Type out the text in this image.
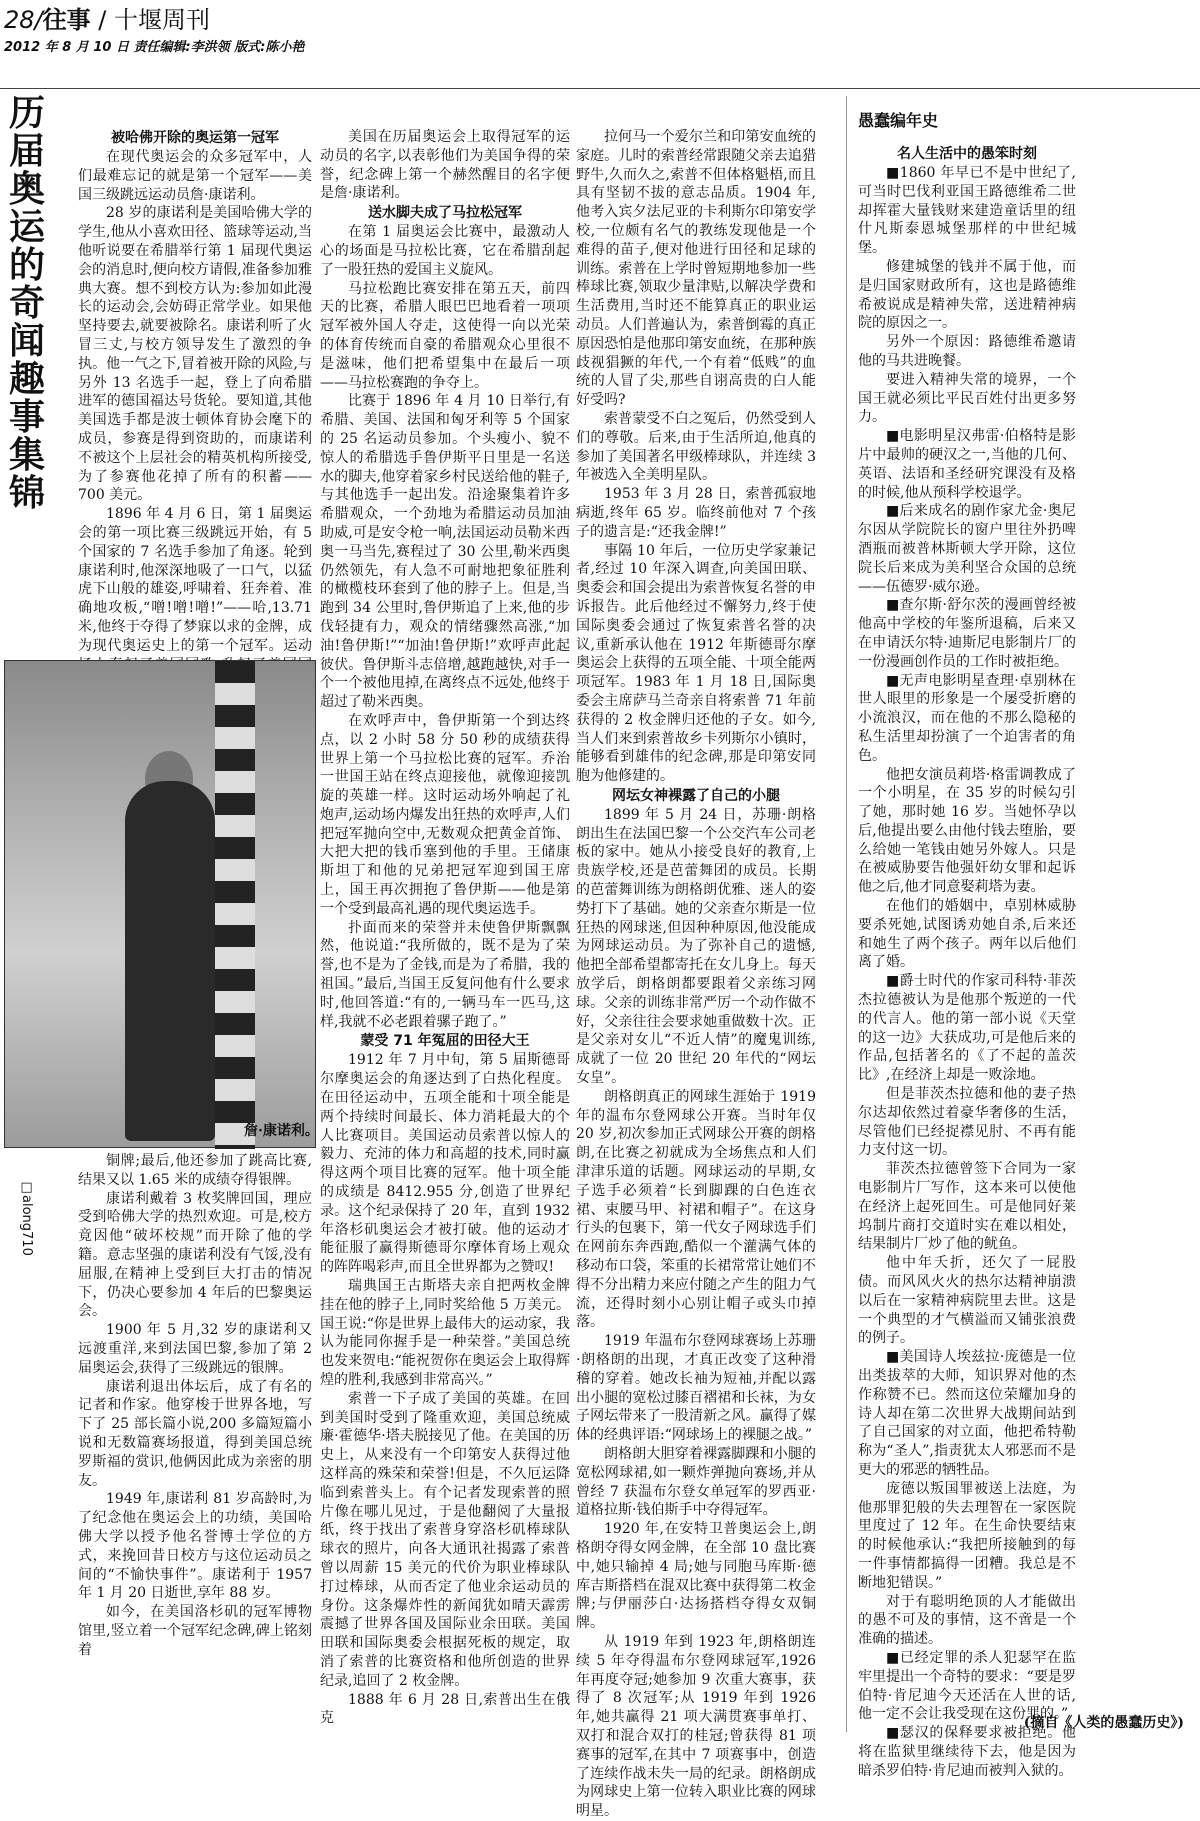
28/往事 / 十堰周刊
2012 年 8 月 10 日 责任编辑:李洪领 版式:陈小艳
历
届
奥
运
的
奇
闻
趣
事
集
锦
被哈佛开除的奥运第一冠军

在现代奥运会的众多冠军中，人们最难忘记的就是第一个冠军——美国三级跳远运动员詹·康诺利。

28 岁的康诺利是美国哈佛大学的学生,他从小喜欢田径、篮球等运动,当他听说要在希腊举行第 1 届现代奥运会的消息时,便向校方请假,准备参加雅典大赛。想不到校方认为:参加如此漫长的运动会,会妨碍正常学业。如果他坚持要去,就要被除名。康诺利听了火冒三丈,与校方领导发生了激烈的争执。他一气之下,冒着被开除的风险,与另外 13 名选手一起，登上了向希腊进军的德国福达号货轮。要知道,其他美国选手都是波士顿体育协会麾下的成员，参赛是得到资助的，而康诺利不被这个上层社会的精英机构所接受,为了参赛他花掉了所有的积蓄——700 美元。

1896 年 4 月 6 日，第 1 届奥运会的第一项比赛三级跳远开始，有 5 个国家的 7 名选手参加了角逐。轮到康诺利时,他深深地吸了一口气，以猛虎下山般的雄姿,呼啸着、狂奔着、准确地攻板,“噌!噌!噌!”——哈,13.71 米,他终于夺得了梦寐以求的金牌，成为现代奥运史上的第一个冠军。运动

詹·康诺利。
□along710

铜牌;最后,他还参加了跳高比赛,结果又以 1.65 米的成绩夺得银牌。

康诺利戴着 3 枚奖牌回国，理应受到哈佛大学的热烈欢迎。可是,校方竟因他“破坏校规”而开除了他的学籍。意志坚强的康诺利没有气馁,没有屈服,在精神上受到巨大打击的情况下，仍决心要参加 4 年后的巴黎奥运会。

1900 年 5 月,32 岁的康诺利又远渡重洋,来到法国巴黎,参加了第 2 届奥运会,获得了三级跳远的银牌。

康诺利退出体坛后，成了有名的记者和作家。他穿梭于世界各地，写下了 25 部长篇小说,200 多篇短篇小说和无数篇赛场报道，得到美国总统罗斯福的赏识,他俩因此成为亲密的朋友。

1949 年,康诺利 81 岁高龄时,为了纪念他在奥运会上的功绩，美国哈佛大学以授予他名誉博士学位的方式，来挽回昔日校方与这位运动员之间的“不愉快事件”。康诺利于 1957 年 1 月 20 日逝世,享年 88 岁。

如今，在美国洛杉矶的冠军博物馆里,竖立着一个冠军纪念碑,碑上铭刻着

美国在历届奥运会上取得冠军的运动员的名字,以表彰他们为美国争得的荣誉，纪念碑上第一个赫然醒目的名字便是詹·康诺利。

送水脚夫成了马拉松冠军

在第 1 届奥运会比赛中，最激动人心的场面是马拉松比赛，它在希腊刮起了一股狂热的爱国主义旋风。

马拉松跑比赛安排在第五天，前四天的比赛，希腊人眼巴巴地看着一项项冠军被外国人夺走，这使得一向以光荣的体育传统而自豪的希腊观众心里很不是滋味，他们把希望集中在最后一项——马拉松赛跑的争夺上。

比赛于 1896 年 4 月 10 日举行,有希腊、美国、法国和匈牙利等 5 个国家的 25 名运动员参加。个头瘦小、貌不惊人的希腊选手鲁伊斯平日里是一名送水的脚夫,他穿着家乡村民送给他的鞋子,与其他选手一起出发。沿途聚集着许多希腊观众，一个劲地为希腊运动员加油助威,可是安令枪一响,法国运动员勒米西奥一马当先,赛程过了 30 公里,勒米西奥仍然领先，有人急不可耐地把象征胜利的橄榄枝环套到了他的脖子上。但是,当跑到 34 公里时,鲁伊斯追了上来,他的步伐轻捷有力，观众的情绪骤然高涨,“加油!鲁伊斯!”“加油!鲁伊斯!”欢呼声此起彼伏。鲁伊斯斗志倍增,越跑越快,对手一个一个被他甩掉,在离终点不远处,他终于超过了勒米西奥。

在欢呼声中，鲁伊斯第一个到达终点，以 2 小时 58 分 50 秒的成绩获得世界上第一个马拉松比赛的冠军。乔治一世国王站在终点迎接他，就像迎接凯旋的英雄一样。这时运动场外响起了礼炮声,运动场内爆发出狂热的欢呼声,人们把冠军抛向空中,无数观众把黄金首饰、大把大把的钱币塞到他的手里。王储康斯坦丁和他的兄弟把冠军迎到国王席上，国王再次拥抱了鲁伊斯——他是第一个受到最高礼遇的现代奥运选手。

扑面而来的荣誉并未使鲁伊斯飘飘然，他说道:“我所做的，既不是为了荣誉,也不是为了金钱,而是为了希腊，我的祖国。”最后,当国王反复问他有什么要求时,他回答道:“有的,一辆马车一匹马,这样,我就不必老跟着骡子跑了。”

蒙受 71 年冤屈的田径大王

1912 年 7 月中旬，第 5 届斯德哥尔摩奥运会的角逐达到了白热化程度。在田径运动中，五项全能和十项全能是两个持续时间最长、体力消耗最大的个人比赛项目。美国运动员索普以惊人的毅力、充沛的体力和高超的技术,同时赢得这两个项目比赛的冠军。他十项全能的成绩是 8412.955 分,创造了世界纪录。这个纪录保持了 20 年，直到 1932 年洛杉矶奥运会才被打破。他的运动才能征服了赢得斯德哥尔摩体育场上观众的阵阵喝彩声,而且全世界都为之赞叹!

瑞典国王古斯塔夫亲自把两枚金牌挂在他的脖子上,同时奖给他 5 万美元。国王说:“你是世界上最伟大的运动家，我认为能同你握手是一种荣誉。”美国总统也发来贺电:“能祝贺你在奥运会上取得辉煌的胜利,我感到非常高兴。”

索普一下子成了美国的英雄。在回到美国时受到了隆重欢迎，美国总统威廉·霍德华·塔夫脱接见了他。在美国的历史上，从来没有一个印第安人获得过他这样高的殊荣和荣誉!但是，不久厄运降临到索普头上。有个记者发现索普的照片像在哪儿见过，于是他翻阅了大量报纸，终于找出了索普身穿洛杉矶棒球队球衣的照片，向各大通讯社揭露了索普曾以周薪 15 美元的代价为职业棒球队打过棒球，从而否定了他业余运动员的身份。这条爆炸性的新闻犹如晴天霹雳震撼了世界各国及国际业余田联。美国田联和国际奥委会根据死板的规定，取消了索普的比赛资格和他所创造的世界纪录,追回了 2 枚金牌。

1888 年 6 月 28 日,索普出生在俄克

拉何马一个爱尔兰和印第安血统的家庭。儿时的索普经常跟随父亲去追猎野牛,久而久之,索普不但体格魁梧,而且具有坚韧不拔的意志品质。1904 年,他考入宾夕法尼亚的卡利斯尔印第安学校,一位颇有名气的教练发现他是一个难得的苗子,便对他进行田径和足球的训练。索普在上学时曾短期地参加一些棒球比赛,领取少量津贴,以解决学费和生活费用,当时还不能算真正的职业运动员。人们普遍认为，索普倒霉的真正原因恐怕是他那印第安血统，在那种族歧视猖獗的年代,一个有着“低贱”的血统的人冒了尖,那些自诩高贵的白人能好受吗?

索普蒙受不白之冤后，仍然受到人们的尊敬。后来,由于生活所迫,他真的参加了美国著名甲级棒球队，并连续 3 年被选入全美明星队。

1953 年 3 月 28 日，索普孤寂地病逝,终年 65 岁。临终前他对 7 个孩子的遗言是:“还我金牌!”

事隔 10 年后，一位历史学家兼记者,经过 10 年深入调查,向美国田联、奥委会和国会提出为索普恢复名誉的申诉报告。此后他经过不懈努力,终于使国际奥委会通过了恢复索普名誉的决议,重新承认他在 1912 年斯德哥尔摩奥运会上获得的五项全能、十项全能两项冠军。1983 年 1 月 18 日,国际奥委会主席萨马兰奇亲自将索普 71 年前获得的 2 枚金牌归还他的子女。如今,当人们来到索普故乡卡列斯尔小镇时，能够看到雄伟的纪念碑,那是印第安同胞为他修建的。

网坛女神裸露了自己的小腿

1899 年 5 月 24 日，苏珊·朗格朗出生在法国巴黎一个公交汽车公司老板的家中。她从小接受良好的教育,上贵族学校,还是芭蕾舞团的成员。长期的芭蕾舞训练为朗格朗优雅、迷人的姿势打下了基础。她的父亲查尔斯是一位狂热的网球迷,但因种种原因,他没能成为网球运动员。为了弥补自己的遗憾,他把全部希望都寄托在女儿身上。每天放学后，朗格朗都要跟着父亲练习网球。父亲的训练非常严厉一个动作做不好，父亲往往会要求她重做数十次。正是父亲对女儿“不近人情”的魔鬼训练,成就了一位 20 世纪 20 年代的“网坛女皇”。

朗格朗真正的网球生涯始于 1919 年的温布尔登网球公开赛。当时年仅 20 岁,初次参加正式网球公开赛的朗格朗,在比赛之初就成为全场焦点和人们津津乐道的话题。网球运动的早期,女子选手必须着“长到脚踝的白色连衣裙、束腰马甲、衬裙和帽子”。在这身行头的包裹下，第一代女子网球选手们在网前东奔西跑,酷似一个灌满气体的移动布口袋，笨重的长裙常常让她们不得不分出精力来应付随之产生的阻力气流，还得时刻小心别让帽子或头巾掉落。

1919 年温布尔登网球赛场上苏珊·朗格朗的出现，才真正改变了这种滑稽的穿着。她改长袖为短袖,并配以露出小腿的宽松过膝百褶裙和长袜，为女子网坛带来了一股清新之风。赢得了媒体的经典评语:“网球场上的裸腿之战。”

朗格朗大胆穿着裸露脚踝和小腿的宽松网球裙,如一颗炸弹抛向赛场,并从曾经 7 获温布尔登女单冠军的罗西亚·道格拉斯·钱伯斯手中夺得冠军。

1920 年,在安特卫普奥运会上,朗格朗夺得女网金牌，在全部 10 盘比赛中,她只输掉 4 局;她与同胞马库斯·德库吉斯搭档在混双比赛中获得第二枚金牌;与伊丽莎白·达扬搭档夺得女双铜牌。

从 1919 年到 1923 年,朗格朗连续 5 年夺得温布尔登网球冠军,1926 年再度夺冠;她参加 9 次重大赛事，获得了 8 次冠军;从 1919 年到 1926 年,她共赢得 21 项大满贯赛事单打、双打和混合双打的桂冠;曾获得 81 项赛事的冠军,在其中 7 项赛事中，创造了连续作战未失一局的纪录。朗格朗成为网球史上第一位转入职业比赛的网球明星。

愚蠢编年史
名人生活中的愚笨时刻

■1860 年早已不是中世纪了,可当时巴伐利亚国王路德维希二世却挥霍大量钱财来建造童话里的纽什凡斯泰恩城堡那样的中世纪城堡。

修建城堡的钱并不属于他，而是归国家财政所有，这也是路德维希被说成是精神失常，送进精神病院的原因之一。

另外一个原因：路德维希邀请他的马共进晚餐。

要进入精神失常的境界，一个国王就必须比平民百姓付出更多努力。

■电影明星汉弗雷·伯格特是影片中最帅的硬汉之一,当他的几何、英语、法语和圣经研究课没有及格的时候,他从预科学校退学。

■后来成名的剧作家尤金·奥尼尔因从学院院长的窗户里往外扔啤酒瓶而被普林斯顿大学开除，这位院长后来成为美利坚合众国的总统——伍德罗·威尔逊。

■查尔斯·舒尔茨的漫画曾经被他高中学校的年鉴所退稿，后来又在申请沃尔特·迪斯尼电影制片厂的一份漫画创作员的工作时被拒绝。

■无声电影明星查理·卓别林在世人眼里的形象是一个屡受折磨的小流浪汉，而在他的不那么隐秘的私生活里却扮演了一个迫害者的角色。

他把女演员莉塔·格雷调教成了一个小明星，在 35 岁的时候勾引了她，那时她 16 岁。当她怀孕以后,他提出要么由他付钱去堕胎，要么给她一笔钱由她另外嫁人。只是在被威胁要告他强奸幼女罪和起诉他之后,他才同意娶莉塔为妻。

在他们的婚姻中，卓别林威胁要杀死她,试图诱劝她自杀,后来还和她生了两个孩子。两年以后他们离了婚。

■爵士时代的作家司科特·菲茨杰拉德被认为是他那个叛逆的一代的代言人。他的第一部小说《天堂的这一边》大获成功,可是他后来的作品,包括著名的《了不起的盖茨比》,在经济上却是一败涂地。

但是菲茨杰拉德和他的妻子热尔达却依然过着豪华奢侈的生活，尽管他们已经捉襟见肘、不再有能力支付这一切。

菲茨杰拉德曾签下合同为一家电影制片厂写作，这本来可以使他在经济上起死回生。可是他同好莱坞制片商打交道时实在难以相处，结果制片厂炒了他的鱿鱼。

他中年夭折，还欠了一屁股债。而风风火火的热尔达精神崩溃以后在一家精神病院里去世。这是一个典型的才气横溢而又铺张浪费的例子。

■美国诗人埃兹拉·庞德是一位出类拔萃的大师，知识界对他的杰作称赞不已。然而这位荣耀加身的诗人却在第二次世界大战期间站到了自己国家的对立面，他把希特勒称为“圣人”,指责犹太人邪恶而不是更大的邪恶的牺牲品。

庞德以叛国罪被送上法庭，为他那罪犯般的失去理智在一家医院里度过了 12 年。在生命快要结束的时候他承认:“我把所接触到的每一件事情都搞得一团糟。我总是不断地犯错误。”

对于有聪明绝顶的人才能做出的愚不可及的事情，这不啻是一个准确的描述。

■已经定罪的杀人犯瑟罕在监牢里提出一个奇特的要求：“要是罗伯特·肯尼迪今天还活在人世的话,他一定不会让我受现在这份罪的。”

■瑟汉的保释要求被拒绝。他将在监狱里继续待下去，他是因为暗杀罗伯特·肯尼迪而被判入狱的。

(摘自《人类的愚蠢历史》)
